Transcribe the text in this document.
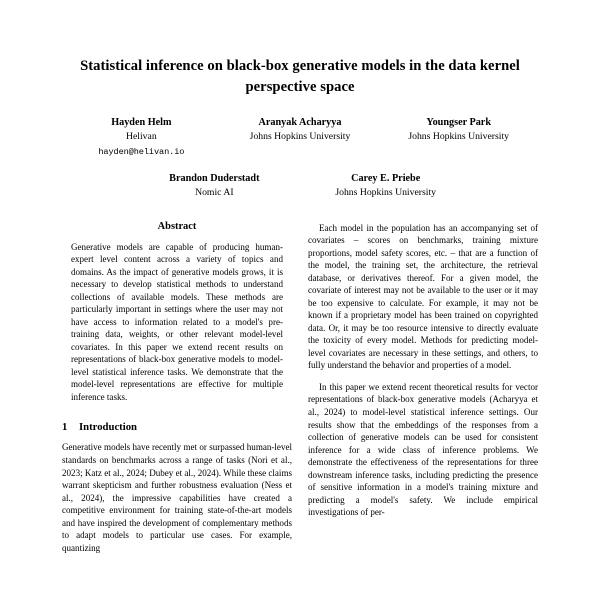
Statistical inference on black-box generative models in the data kernel perspective space
Hayden Helm
Helivan
hayden@helivan.io
Aranyak Acharyya
Johns Hopkins University
Youngser Park
Johns Hopkins University
Brandon Duderstadt
Nomic AI
Carey E. Priebe
Johns Hopkins University
Abstract

Generative models are capable of producing human-expert level content across a variety of topics and domains. As the impact of generative models grows, it is necessary to develop statistical methods to understand collections of available models. These methods are particularly important in settings where the user may not have access to information related to a model's pre-training data, weights, or other relevant model-level covariates. In this paper we extend recent results on representations of black-box generative models to model-level statistical inference tasks. We demonstrate that the model-level representations are effective for multiple inference tasks.

1	Introduction

Generative models have recently met or surpassed human-level standards on benchmarks across a range of tasks (Nori et al., 2023; Katz et al., 2024; Dubey et al., 2024). While these claims warrant skepticism and further robustness evaluation (Ness et al., 2024), the impressive capabilities have created a competitive environment for training state-of-the-art models and have inspired the development of complementary methods to adapt models to particular use cases. For example, quantizing

Each model in the population has an accompanying set of covariates – scores on benchmarks, training mixture proportions, model safety scores, etc. – that are a function of the model, the training set, the architecture, the retrieval database, or derivatives thereof. For a given model, the covariate of interest may not be available to the user or it may be too expensive to calculate. For example, it may not be known if a proprietary model has been trained on copyrighted data. Or, it may be too resource intensive to directly evaluate the toxicity of every model. Methods for predicting model-level covariates are necessary in these settings, and others, to fully understand the behavior and properties of a model.

In this paper we extend recent theoretical results for vector representations of black-box generative models (Acharyya et al., 2024) to model-level statistical inference settings. Our results show that the embeddings of the responses from a collection of generative models can be used for consistent inference for a wide class of inference problems. We demonstrate the effectiveness of the representations for three downstream inference tasks, including predicting the presence of sensitive information in a model's training mixture and predicting a model's safety. We include empirical investigations of per-
